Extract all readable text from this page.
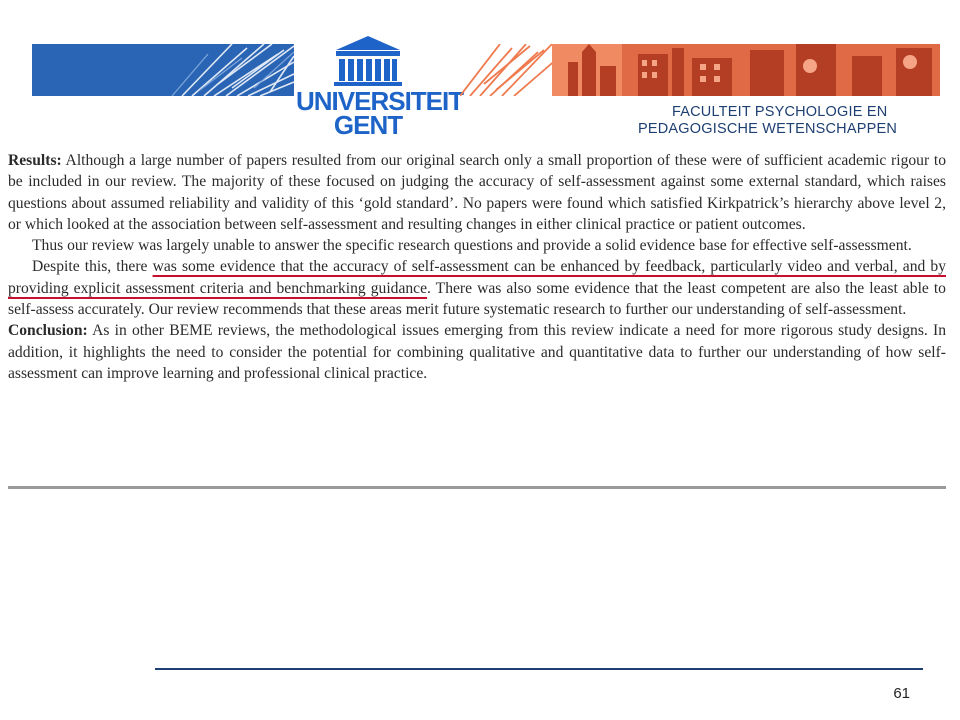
UNIVERSITEIT
GENT	FACULTEIT PSYCHOLOGIE EN
PEDAGOGISCHE WETENSCHAPPEN

Results: Although a large number of papers resulted from our original search only a small proportion of these were of sufficient academic rigour to be included in our review. The majority of these focused on judging the accuracy of self-assessment against some external standard, which raises questions about assumed reliability and validity of this ‘gold standard’. No papers were found which satisfied Kirkpatrick’s hierarchy above level 2, or which looked at the association between self-assessment and resulting changes in either clinical practice or patient outcomes.

Thus our review was largely unable to answer the specific research questions and provide a solid evidence base for effective self-assessment.

Despite this, there was some evidence that the accuracy of self-assessment can be enhanced by feedback, particularly video and verbal, and by providing explicit assessment criteria and benchmarking guidance. There was also some evidence that the least competent are also the least able to self-assess accurately. Our review recommends that these areas merit future systematic research to further our understanding of self-assessment.

Conclusion: As in other BEME reviews, the methodological issues emerging from this review indicate a need for more rigorous study designs. In addition, it highlights the need to consider the potential for combining qualitative and quantitative data to further our understanding of how self-assessment can improve learning and professional clinical practice.

61
